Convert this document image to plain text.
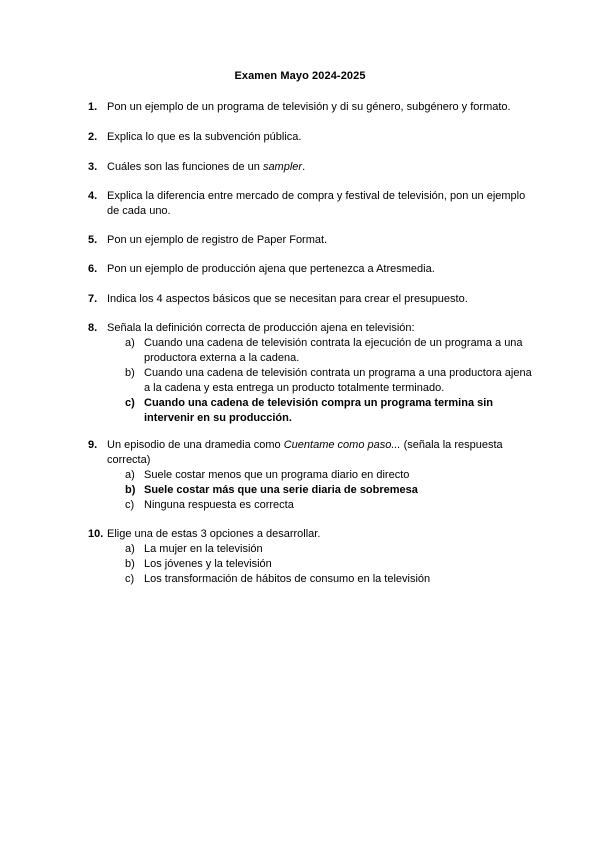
Examen Mayo 2024-2025
1. Pon un ejemplo de un programa de televisión y di su género, subgénero y formato.
2. Explica lo que es la subvención pública.
3. Cuáles son las funciones de un sampler.
4. Explica la diferencia entre mercado de compra y festival de televisión, pon un ejemplo de cada uno.
5. Pon un ejemplo de registro de Paper Format.
6. Pon un ejemplo de producción ajena que pertenezca a Atresmedia.
7. Indica los 4 aspectos básicos que se necesitan para crear el presupuesto.
8. Señala la definición correcta de producción ajena en televisión:
a) Cuando una cadena de televisión contrata la ejecución de un programa a una productora externa a la cadena.
b) Cuando una cadena de televisión contrata un programa a una productora ajena a la cadena y esta entrega un producto totalmente terminado.
c) Cuando una cadena de televisión compra un programa termina sin intervenir en su producción.
9. Un episodio de una dramedia como Cuentame como paso... (señala la respuesta correcta)
a) Suele costar menos que un programa diario en directo
b) Suele costar más que una serie diaria de sobremesa
c) Ninguna respuesta es correcta
10. Elige una de estas 3 opciones a desarrollar.
a) La mujer en la televisión
b) Los jóvenes y la televisión
c) Los transformación de hábitos de consumo en la televisión
